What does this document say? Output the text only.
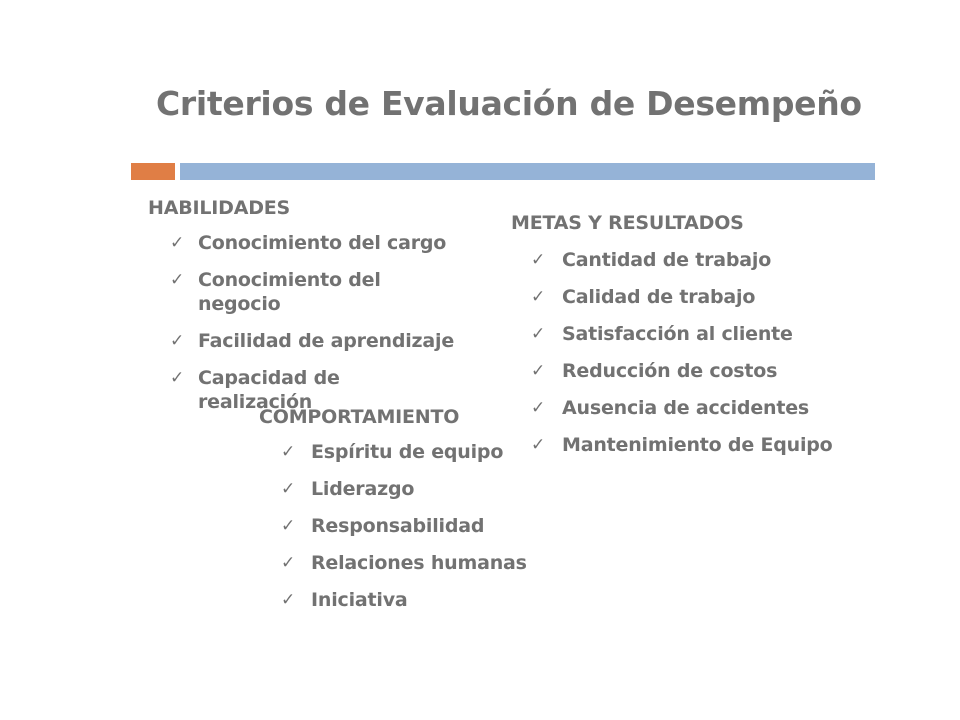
Criterios de Evaluación de Desempeño
HABILIDADES
✓ Conocimiento del cargo
✓ Conocimiento del negocio
✓ Facilidad de aprendizaje
✓ Capacidad de realización
COMPORTAMIENTO
✓ Espíritu de equipo
✓ Liderazgo
✓ Responsabilidad
✓ Relaciones humanas
✓ Iniciativa
METAS Y RESULTADOS
✓ Cantidad de trabajo
✓ Calidad de trabajo
✓ Satisfacción al cliente
✓ Reducción de costos
✓ Ausencia de accidentes
✓ Mantenimiento de Equipo
